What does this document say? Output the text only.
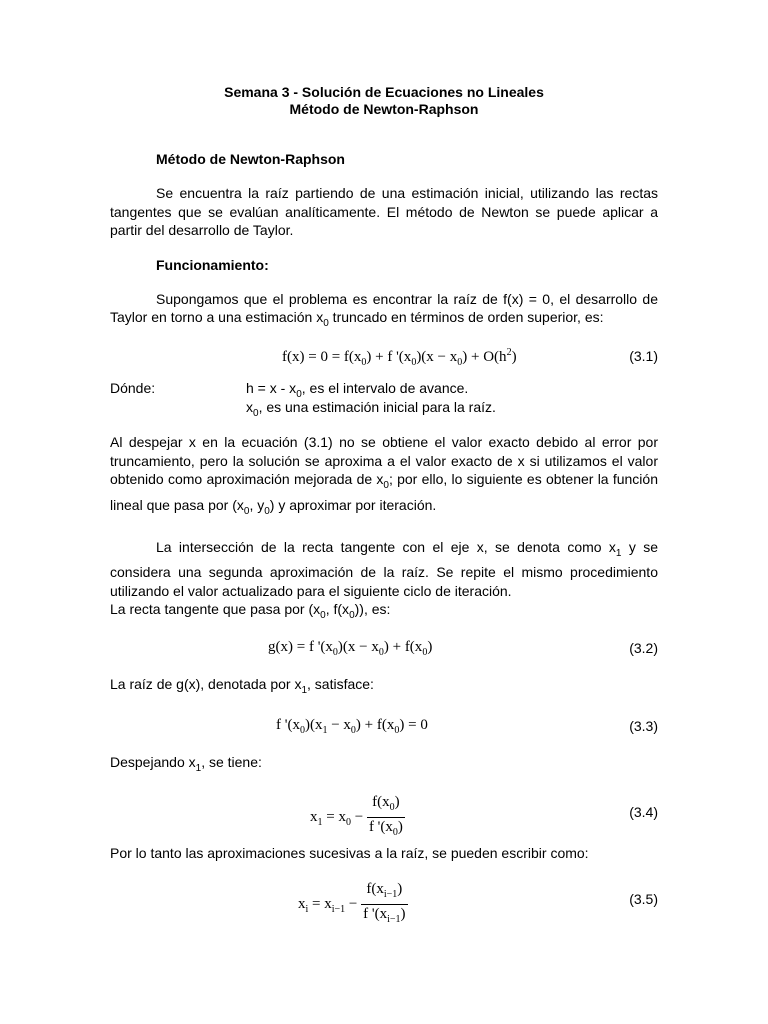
Semana 3 - Solución de Ecuaciones no Lineales

Método de Newton-Raphson

Método de Newton-Raphson

Se encuentra la raíz partiendo de una estimación inicial, utilizando las rectas tangentes que se evalúan analíticamente. El método de Newton se puede aplicar a partir del desarrollo de Taylor.

Funcionamiento:

Supongamos que el problema es encontrar la raíz de f(x) = 0, el desarrollo de Taylor en torno a una estimación $x_0$ truncado en términos de orden superior, es:

$f(x) = 0 = f(x_0) + f$ '$(x_0)(x - x_0) + O(h^2)$	(3.1)
Dónde:	$h = x - x_0$, es el intervalo de avance.
$x_0$, es una estimación inicial para la raíz.

Al despejar x en la ecuación (3.1) no se obtiene el valor exacto debido al error por truncamiento, pero la solución se aproxima a el valor exacto de x si utilizamos el valor obtenido como aproximación mejorada de $x_0$; por ello, lo siguiente es obtener la función lineal que pasa por ($x_0$, $y_0$) y aproximar por iteración.

La intersección de la recta tangente con el eje x, se denota como $x_1$ y se considera una segunda aproximación de la raíz. Se repite el mismo procedimiento utilizando el valor actualizado para el siguiente ciclo de iteración.

La recta tangente que pasa por ($x_0$, $f(x_0)$), es:

g(x) = f '$(x_0)(x - x_0) + f(x_0)$	(3.2)

La raíz de g(x), denotada por $x_1$, satisface:

f '$(x_0)(x_1 - x_0) + f(x_0) = 0$	(3.3)

Despejando $x_1$, se tiene:

$x_1 = x_0 - \frac{f(x_0)}{f '(x_0)}$	(3.4)

Por lo tanto las aproximaciones sucesivas a la raíz, se pueden escribir como:

$x_i = x_{i-1} - \frac{f(x_{i-1})}{f '(x_{i-1})}$	(3.5)
